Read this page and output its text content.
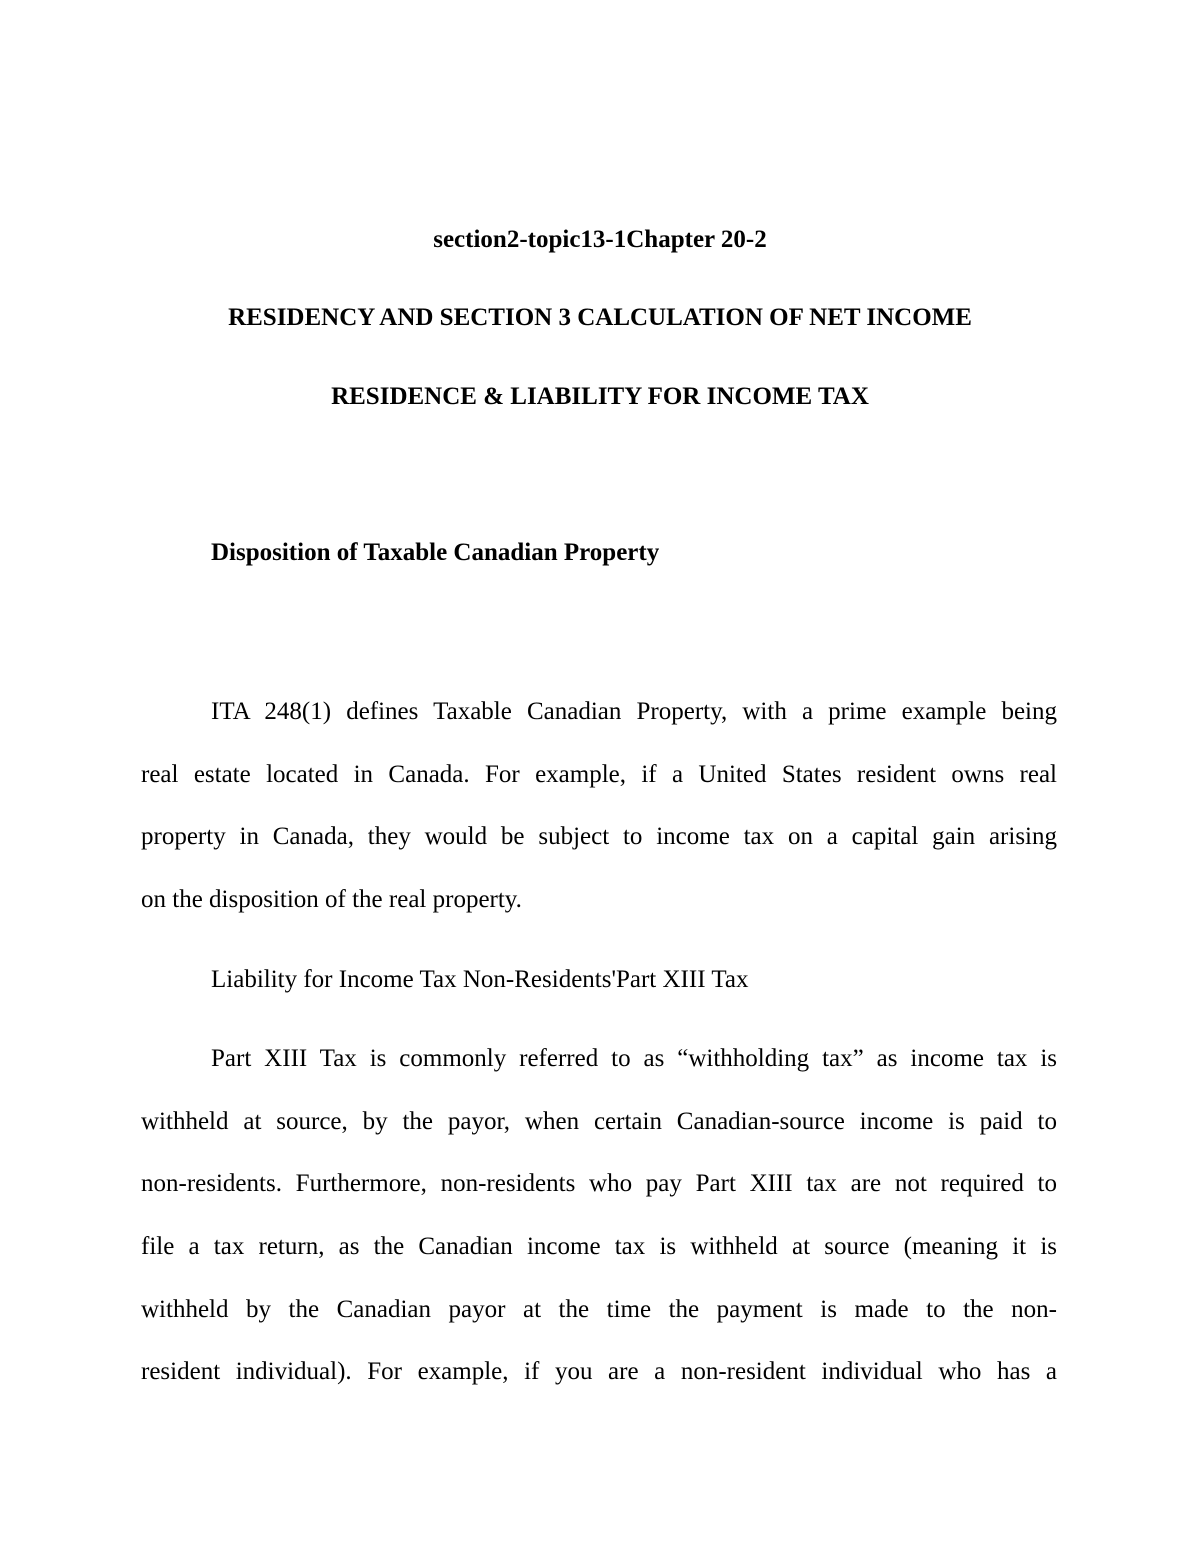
section2-topic13-1Chapter 20-2
RESIDENCY AND SECTION 3 CALCULATION OF NET INCOME
RESIDENCE & LIABILITY FOR INCOME TAX
Disposition of Taxable Canadian Property
ITA 248(1) defines Taxable Canadian Property, with a prime example being
real estate located in Canada. For example, if a United States resident owns real
property in Canada, they would be subject to income tax on a capital gain arising
on the disposition of the real property.
Liability for Income Tax Non-Residents'Part XIII Tax
Part XIII Tax is commonly referred to as “withholding tax” as income tax is
withheld at source, by the payor, when certain Canadian-source income is paid to
non-residents. Furthermore, non-residents who pay Part XIII tax are not required to
file a tax return, as the Canadian income tax is withheld at source (meaning it is
withheld by the Canadian payor at the time the payment is made to the non-
resident individual). For example, if you are a non-resident individual who has a
